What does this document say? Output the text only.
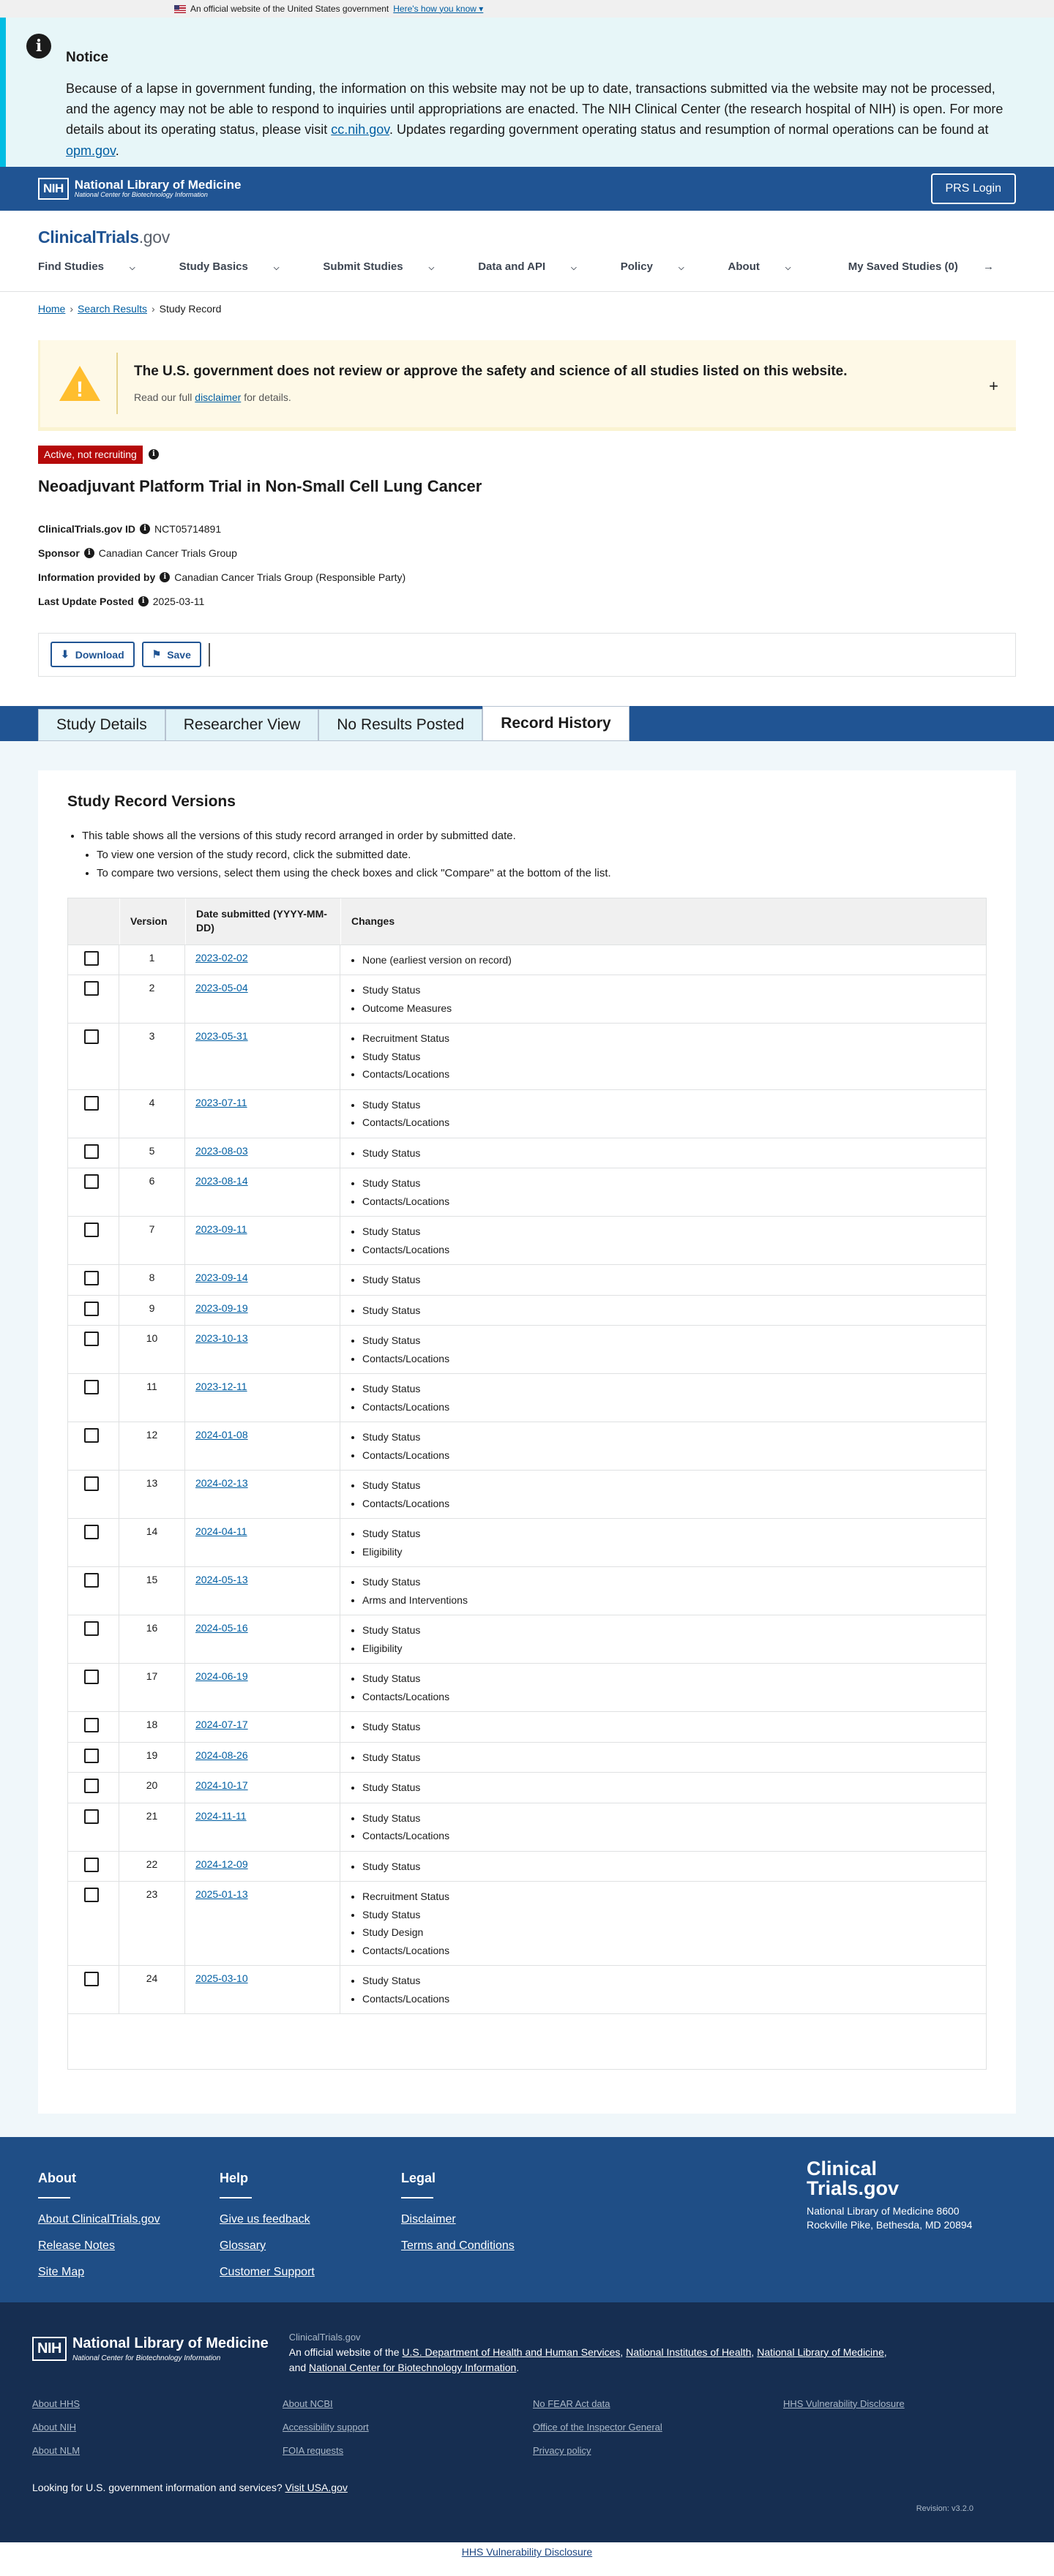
An official website of the United States government Here's how you know ▾
i
Notice

Because of a lapse in government funding, the information on this website may not be up to date, transactions submitted via the website may not be processed, and the agency may not be able to respond to inquiries until appropriations are enacted. The NIH Clinical Center (the research hospital of NIH) is open. For more details about its operating status, please visit cc.nih.gov. Updates regarding government operating status and resumption of normal operations can be found at opm.gov.

NIH National Library of Medicine
National Center for Biotechnology Information
PRS Login
ClinicalTrials.gov
Find Studies	⌵	Study Basics	⌵	Submit Studies	⌵	Data and API	⌵	Policy	⌵	About	⌵	My Saved Studies (0) →
Home › Search Results › Study Record
!
The U.S. government does not review or approve the safety and science of all studies listed on this website.

Read our full disclaimer for details.

+
Active, not recruiting	i
Neoadjuvant Platform Trial in Non-Small Cell Lung Cancer
ClinicalTrials.gov ID	i NCT05714891
Sponsor	i Canadian Cancer Trials Group
Information provided by	i Canadian Cancer Trials Group (Responsible Party)
Last Update Posted	i 2025-03-11
⬇ Download	⚑ Save
Study Details	Researcher View	No Results Posted	Record History
Study Record Versions
• This table shows all the versions of this study record arranged in order by submitted date.
• To view one version of the study record, click the submitted date.
• To compare two versions, select them using the check boxes and click "Compare" at the bottom of the list.
Version
Date submitted (YYYY-MM-DD)
Changes
1	2023-02-02	• None (earliest version on record)
2	2023-05-04	• Study Status
• Outcome Measures
3	2023-05-31	• Recruitment Status
• Study Status
• Contacts/Locations
4	2023-07-11	• Study Status
• Contacts/Locations
5	2023-08-03	• Study Status
6	2023-08-14	• Study Status
• Contacts/Locations
7	2023-09-11	• Study Status
• Contacts/Locations
8	2023-09-14	• Study Status
9	2023-09-19	• Study Status
10	2023-10-13	• Study Status
• Contacts/Locations
11	2023-12-11	• Study Status
• Contacts/Locations
12	2024-01-08	• Study Status
• Contacts/Locations
13	2024-02-13	• Study Status
• Contacts/Locations
14	2024-04-11	• Study Status
• Eligibility
15	2024-05-13	• Study Status
• Arms and Interventions
16	2024-05-16	• Study Status
• Eligibility
17	2024-06-19	• Study Status
• Contacts/Locations
18	2024-07-17	• Study Status
19	2024-08-26	• Study Status
20	2024-10-17	• Study Status
21	2024-11-11	• Study Status
• Contacts/Locations
22	2024-12-09	• Study Status
23	2025-01-13	• Recruitment Status
• Study Status
• Study Design
• Contacts/Locations
24	2025-03-10	• Study Status
• Contacts/Locations
About
About ClinicalTrials.gov
Release Notes
Site Map
Help
Give us feedback
Glossary
Customer Support
Legal
Disclaimer
Terms and Conditions
Clinical
Trials.gov
National Library of Medicine 8600 Rockville Pike, Bethesda, MD 20894
NIH National Library of Medicine
National Center for Biotechnology Information
ClinicalTrials.gov
An official website of the U.S. Department of Health and Human Services, National Institutes of Health, National Library of Medicine,
and National Center for Biotechnology Information.
About HHS
About NIH
About NLM
About NCBI
Accessibility support
FOIA requests
No FEAR Act data
Office of the Inspector General
Privacy policy
HHS Vulnerability Disclosure
Looking for U.S. government information and services? Visit USA.gov
Revision: v3.2.0
HHS Vulnerability Disclosure
